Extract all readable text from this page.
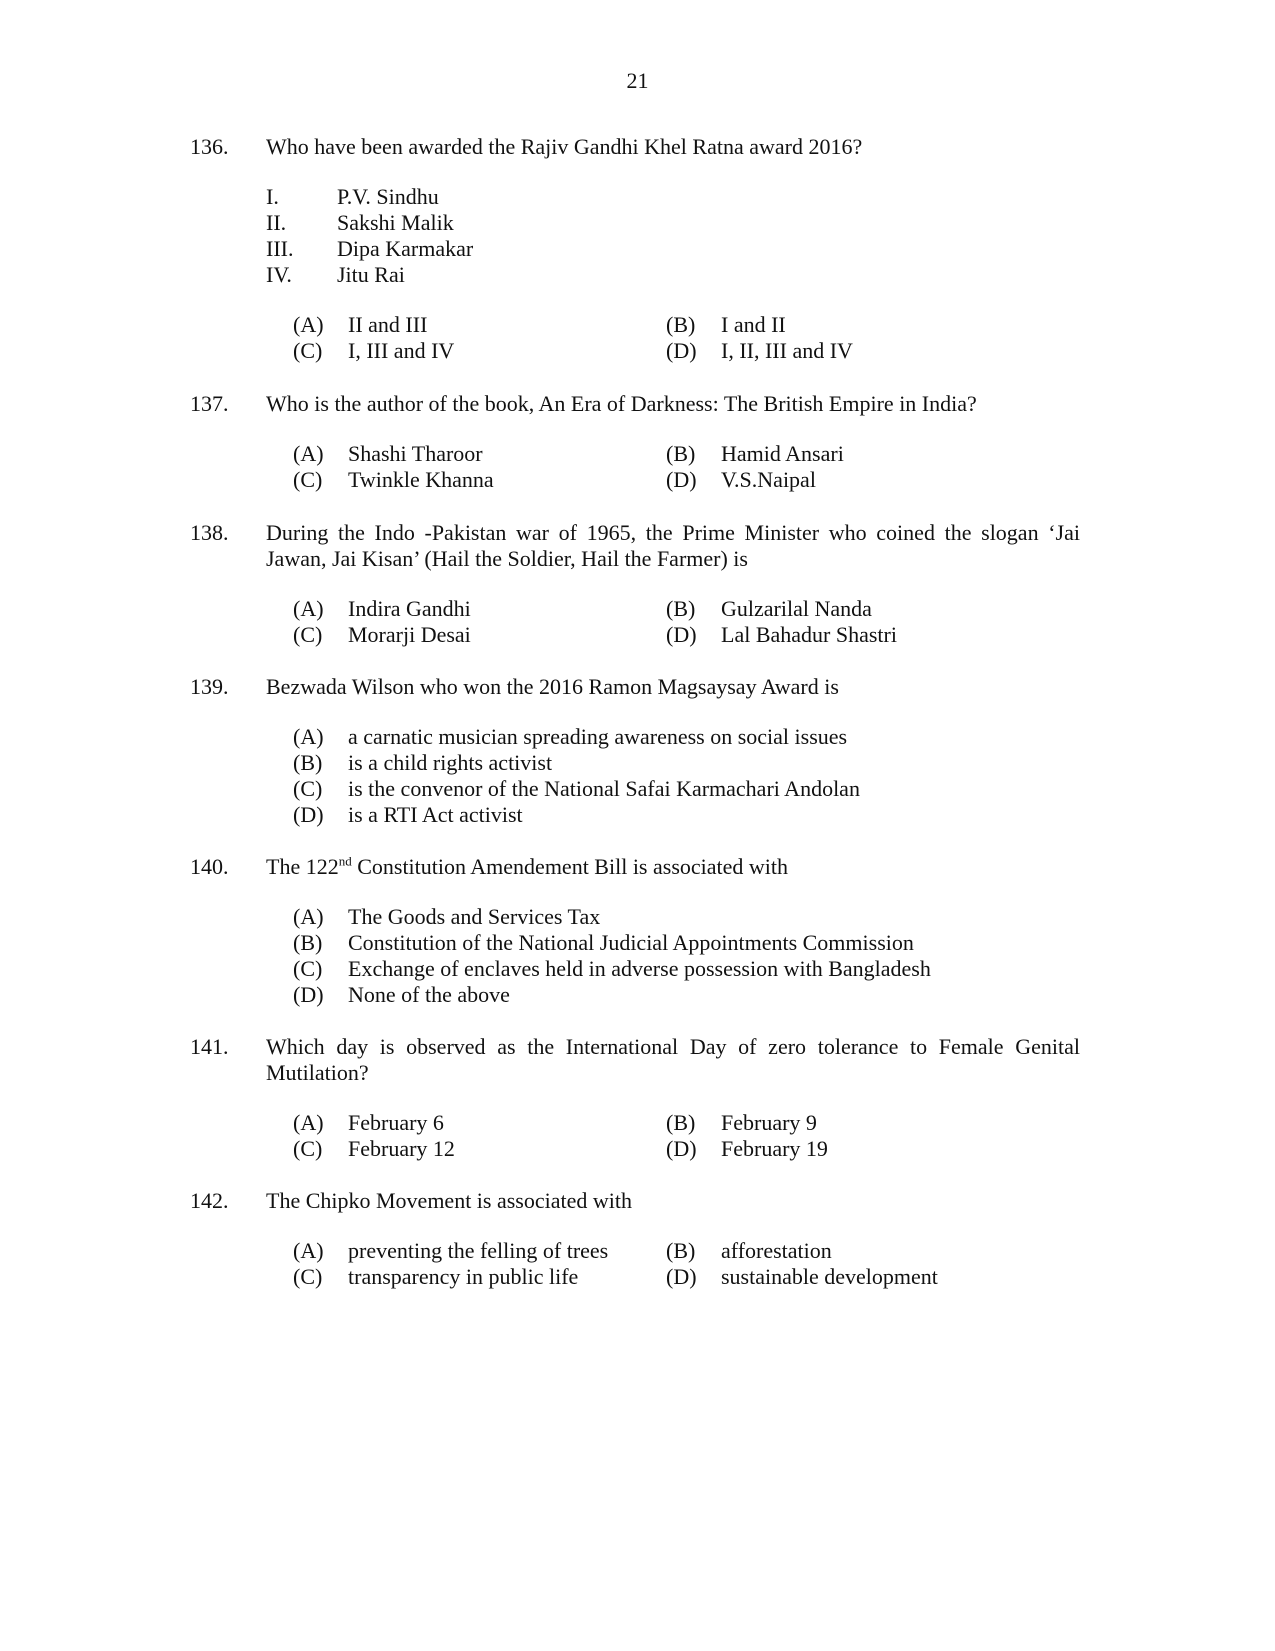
21
136.	Who have been awarded the Rajiv Gandhi Khel Ratna award 2016?
I.	P.V. Sindhu
II.	Sakshi Malik
III.	Dipa Karmakar
IV.	Jitu Rai
(A)	II and III	(B)	I and II
(C)	I, III and IV	(D)	I, II, III and IV
137.	Who is the author of the book, An Era of Darkness: The British Empire in India?
(A)	Shashi Tharoor	(B)	Hamid Ansari
(C)	Twinkle Khanna	(D)	V.S.Naipal
138.	During the Indo -Pakistan war of 1965, the Prime Minister who coined the slogan ‘Jai Jawan, Jai Kisan’ (Hail the Soldier, Hail the Farmer) is
(A)	Indira Gandhi	(B)	Gulzarilal Nanda
(C)	Morarji Desai	(D)	Lal Bahadur Shastri
139.	Bezwada Wilson who won the 2016 Ramon Magsaysay Award is
(A)	a carnatic musician spreading awareness on social issues
(B)	is a child rights activist
(C)	is the convenor of the National Safai Karmachari Andolan
(D)	is a RTI Act activist
140.	The 122nd Constitution Amendement Bill is associated with
(A)	The Goods and Services Tax
(B)	Constitution of the National Judicial Appointments Commission
(C)	Exchange of enclaves held in adverse possession with Bangladesh
(D)	None of the above
141.	Which day is observed as the International Day of zero tolerance to Female Genital Mutilation?
(A)	February 6	(B)	February 9
(C)	February 12	(D)	February 19
142.	The Chipko Movement is associated with
(A)	preventing the felling of trees	(B)	afforestation
(C)	transparency in public life	(D)	sustainable development
